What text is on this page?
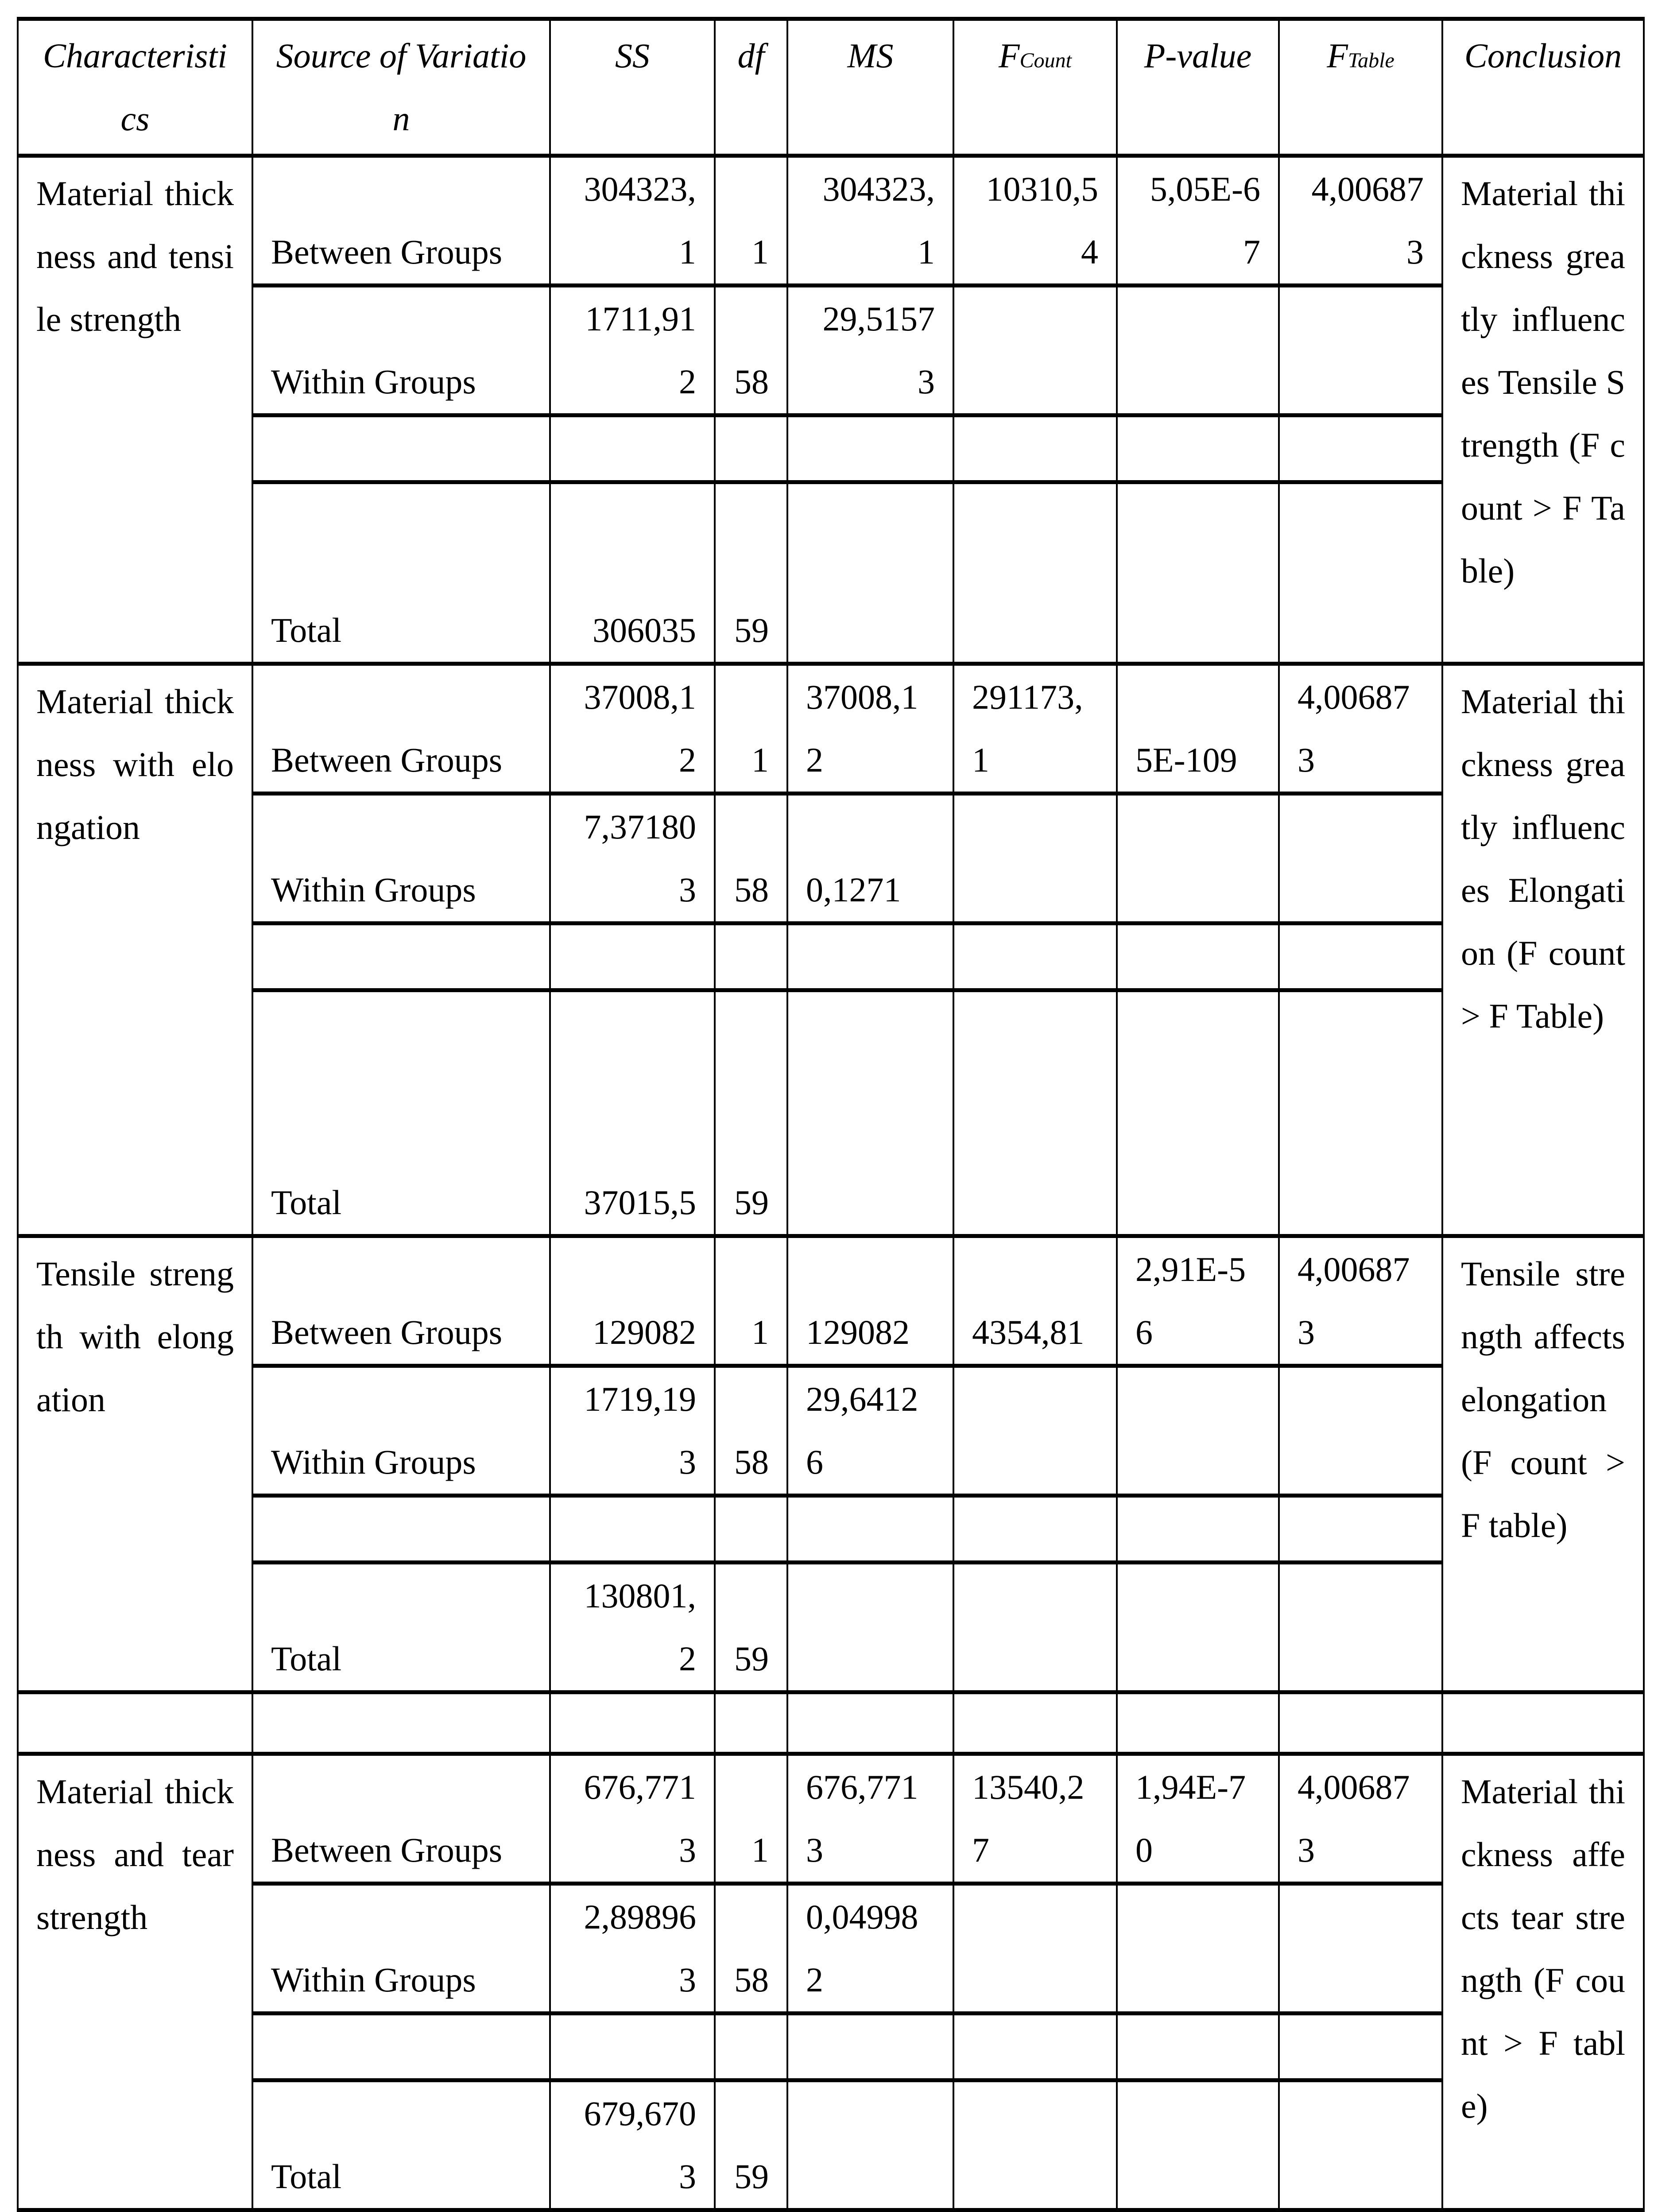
Characteristics	Source of Variation	SS	df	MS	FCount	P-value	FTable	Conclusion
Material thickness and tensile strength	Between Groups	304323,1	1	304323,1	10310,54	5,05E-67	4,006873	Material thickness greatly influences Tensile Strength (F count > F Table)
	Within Groups	1711,912	58	29,51573				

	Total	306035	59					
Material thickness with elongation	Between Groups	37008,12	1	37008,12	291173,1	5E-109	4,006873	Material thickness greatly influences Elongation (F count > F Table)
	Within Groups	7,371803	58	0,1271				

	Total	37015,5	59					
Tensile strength with elongation	Between Groups	129082	1	129082	4354,81	2,91E-56	4,006873	Tensile strength affects elongation (F count > F table)
	Within Groups	1719,193	58	29,64126				

	Total	130801,2	59					

Material thickness and tear strength	Between Groups	676,7713	1	676,7713	13540,27	1,94E-70	4,006873	Material thickness affects tear strength (F count > F table)
	Within Groups	2,898963	58	0,049982				

	Total	679,6703	59					
